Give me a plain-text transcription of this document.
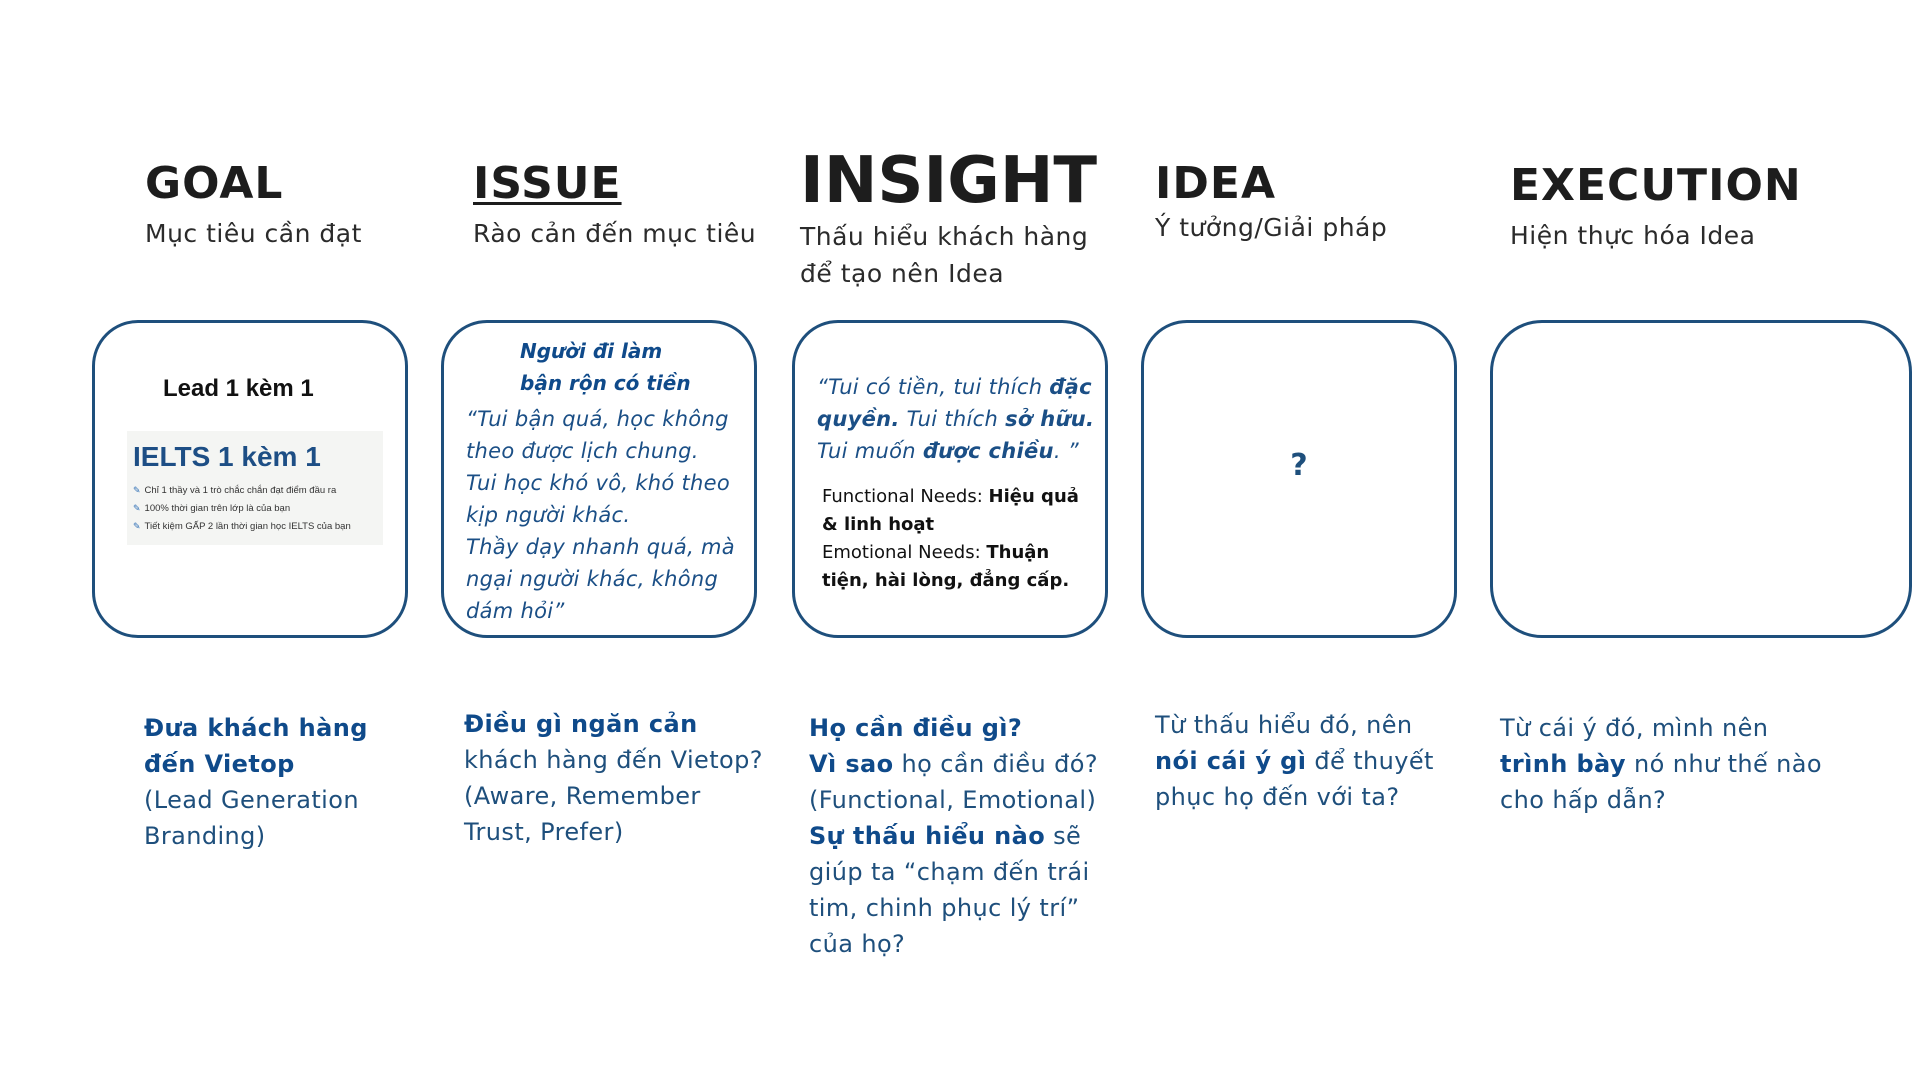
GOAL
Mục tiêu cần đạt
ISSUE
Rào cản đến mục tiêu
INSIGHT
Thấu hiểu khách hàng
để tạo nên Idea
IDEA
Ý tưởng/Giải pháp
EXECUTION
Hiện thực hóa Idea
Lead 1 kèm 1
IELTS 1 kèm 1
✎ Chỉ 1 thầy và 1 trò chắc chắn đạt điểm đầu ra
✎ 100% thời gian trên lớp là của bạn
✎ Tiết kiệm GẤP 2 lần thời gian học IELTS của bạn
Người đi làm
bận rộn có tiền
“Tui bận quá, học không
theo được lịch chung.
Tui học khó vô, khó theo
kịp người khác.
Thầy dạy nhanh quá, mà
ngại người khác, không
dám hỏi”
“Tui có tiền, tui thích đặc
quyền. Tui thích sở hữu.
Tui muốn được chiều. ”
Functional Needs: Hiệu quả
& linh hoạt
Emotional Needs: Thuận
tiện, hài lòng, đẳng cấp.
?
Đưa khách hàng
đến Vietop
(Lead Generation
Branding)
Điều gì ngăn cản
khách hàng đến Vietop?
(Aware, Remember
Trust, Prefer)
Họ cần điều gì?
Vì sao họ cần điều đó?
(Functional, Emotional)
Sự thấu hiểu nào sẽ
giúp ta “chạm đến trái
tim, chinh phục lý trí”
của họ?
Từ thấu hiểu đó, nên
nói cái ý gì để thuyết
phục họ đến với ta?
Từ cái ý đó, mình nên
trình bày nó như thế nào
cho hấp dẫn?
